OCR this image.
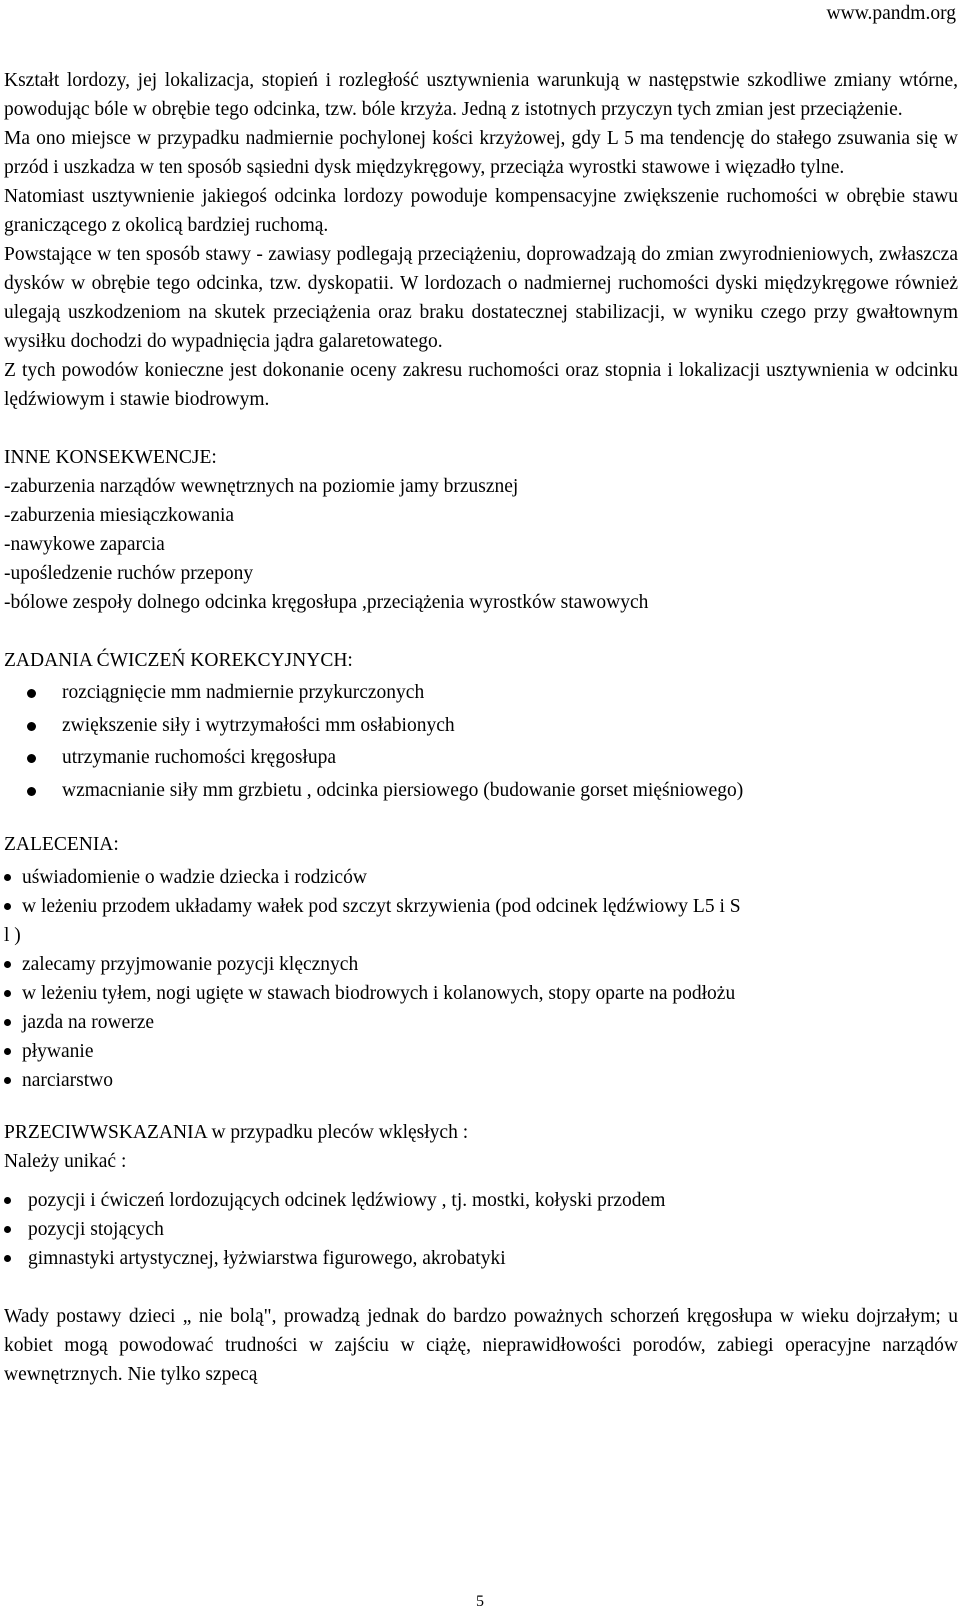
www.pandm.org

Kształt lordozy, jej lokalizacja, stopień i rozległość usztywnienia warunkują w następstwie szkodliwe zmiany wtórne, powodując bóle w obrębie tego odcinka, tzw. bóle krzyża. Jedną z istotnych przyczyn tych zmian jest przeciążenie.

Ma ono miejsce w przypadku nadmiernie pochylonej kości krzyżowej, gdy L 5 ma tendencję do stałego zsuwania się w przód i uszkadza w ten sposób sąsiedni dysk międzykręgowy, przeciąża wyrostki stawowe i więzadło tylne.

Natomiast usztywnienie jakiegoś odcinka lordozy powoduje kompensacyjne zwiększenie ruchomości w obrębie stawu graniczącego z okolicą bardziej ruchomą.

Powstające w ten sposób stawy - zawiasy podlegają przeciążeniu, doprowadzają do zmian zwyrodnieniowych, zwłaszcza dysków w obrębie tego odcinka, tzw. dyskopatii. W lordozach o nadmiernej ruchomości dyski międzykręgowe również ulegają uszkodzeniom na skutek przeciążenia oraz braku dostatecznej stabilizacji, w wyniku czego przy gwałtownym wysiłku dochodzi do wypadnięcia jądra galaretowatego.

Z tych powodów konieczne jest dokonanie oceny zakresu ruchomości oraz stopnia i lokalizacji usztywnienia w odcinku lędźwiowym i stawie biodrowym.

INNE KONSEKWENCJE:

-zaburzenia narządów wewnętrznych na poziomie jamy brzusznej

-zaburzenia miesiączkowania

-nawykowe zaparcia

-upośledzenie ruchów przepony

-bólowe zespoły dolnego odcinka kręgosłupa ,przeciążenia wyrostków stawowych

ZADANIA ĆWICZEŃ KOREKCYJNYCH:

rozciągnięcie mm nadmiernie przykurczonych
zwiększenie siły i wytrzymałości mm osłabionych
utrzymanie ruchomości kręgosłupa
wzmacnianie siły mm grzbietu , odcinka piersiowego (budowanie gorset mięśniowego)

ZALECENIA:

uświadomienie o wadzie dziecka i rodziców
w leżeniu przodem układamy wałek pod szczyt skrzywienia (pod odcinek lędźwiowy L5 i S
l )
zalecamy przyjmowanie pozycji klęcznych
w leżeniu tyłem, nogi ugięte w stawach biodrowych i kolanowych, stopy oparte na podłożu
jazda na rowerze
pływanie
narciarstwo

PRZECIWWSKAZANIA w przypadku pleców wklęsłych :

Należy unikać :

pozycji i ćwiczeń lordozujących odcinek lędźwiowy , tj. mostki, kołyski przodem
pozycji stojących
gimnastyki artystycznej, łyżwiarstwa figurowego, akrobatyki

Wady postawy dzieci „ nie bolą", prowadzą jednak do bardzo poważnych schorzeń kręgosłupa w wieku dojrzałym; u kobiet mogą powodować trudności w zajściu w ciążę, nieprawidłowości porodów, zabiegi operacyjne narządów wewnętrznych. Nie tylko szpecą

5
